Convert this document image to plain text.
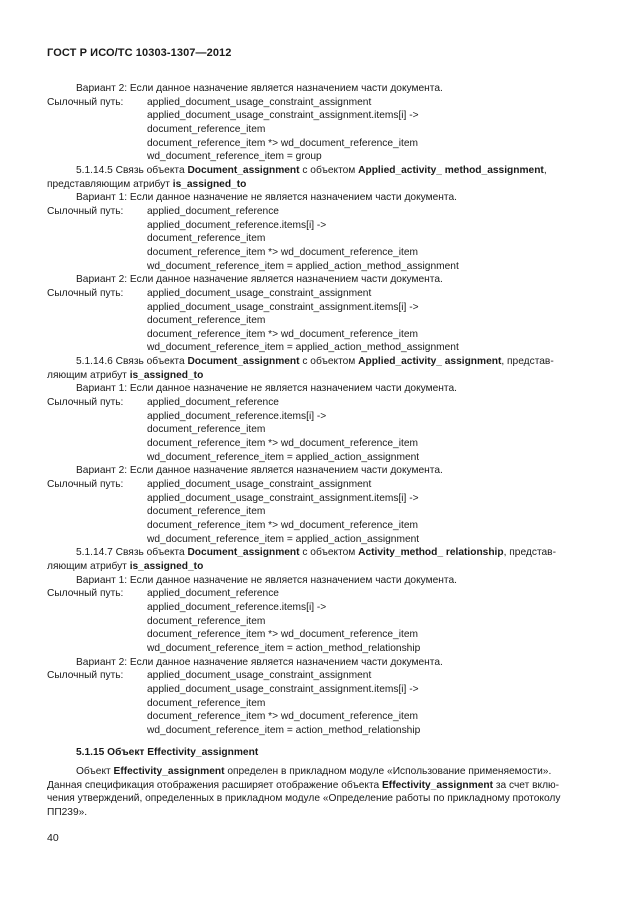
ГОСТ Р ИСО/ТС 10303-1307—2012
Вариант 2: Если данное назначение является назначением части документа.
Сылочный путь:	applied_document_usage_constraint_assignment
applied_document_usage_constraint_assignment.items[i] ->
document_reference_item
document_reference_item *> wd_document_reference_item
wd_document_reference_item = group
5.1.14.5 Связь объекта Document_assignment с объектом Applied_activity_ method_assignment,
представляющим атрибут is_assigned_to
Вариант 1: Если данное назначение не является назначением части документа.
Сылочный путь:	applied_document_reference
applied_document_reference.items[i] ->
document_reference_item
document_reference_item *> wd_document_reference_item
wd_document_reference_item = applied_action_method_assignment
Вариант 2: Если данное назначение является назначением части документа.
Сылочный путь:	applied_document_usage_constraint_assignment
applied_document_usage_constraint_assignment.items[i] ->
document_reference_item
document_reference_item *> wd_document_reference_item
wd_document_reference_item = applied_action_method_assignment
5.1.14.6 Связь объекта Document_assignment с объектом Applied_activity_ assignment, представ-
ляющим атрибут is_assigned_to
Вариант 1: Если данное назначение не является назначением части документа.
Сылочный путь:	applied_document_reference
applied_document_reference.items[i] ->
document_reference_item
document_reference_item *> wd_document_reference_item
wd_document_reference_item = applied_action_assignment
Вариант 2: Если данное назначение является назначением части документа.
Сылочный путь:	applied_document_usage_constraint_assignment
applied_document_usage_constraint_assignment.items[i] ->
document_reference_item
document_reference_item *> wd_document_reference_item
wd_document_reference_item = applied_action_assignment
5.1.14.7 Связь объекта Document_assignment с объектом Activity_method_ relationship, представ-
ляющим атрибут is_assigned_to
Вариант 1: Если данное назначение не является назначением части документа.
Сылочный путь:	applied_document_reference
applied_document_reference.items[i] ->
document_reference_item
document_reference_item *> wd_document_reference_item
wd_document_reference_item = action_method_relationship
Вариант 2: Если данное назначение является назначением части документа.
Сылочный путь:	applied_document_usage_constraint_assignment
applied_document_usage_constraint_assignment.items[i] ->
document_reference_item
document_reference_item *> wd_document_reference_item
wd_document_reference_item = action_method_relationship
5.1.15 Объект Effectivity_assignment
Объект Effectivity_assignment определен в прикладном модуле «Использование применяемости».
Данная спецификация отображения расширяет отображение объекта Effectivity_assignment за счет вклю-
чения утверждений, определенных в прикладном модуле «Определение работы по прикладному протоколу
ПП239».
40
